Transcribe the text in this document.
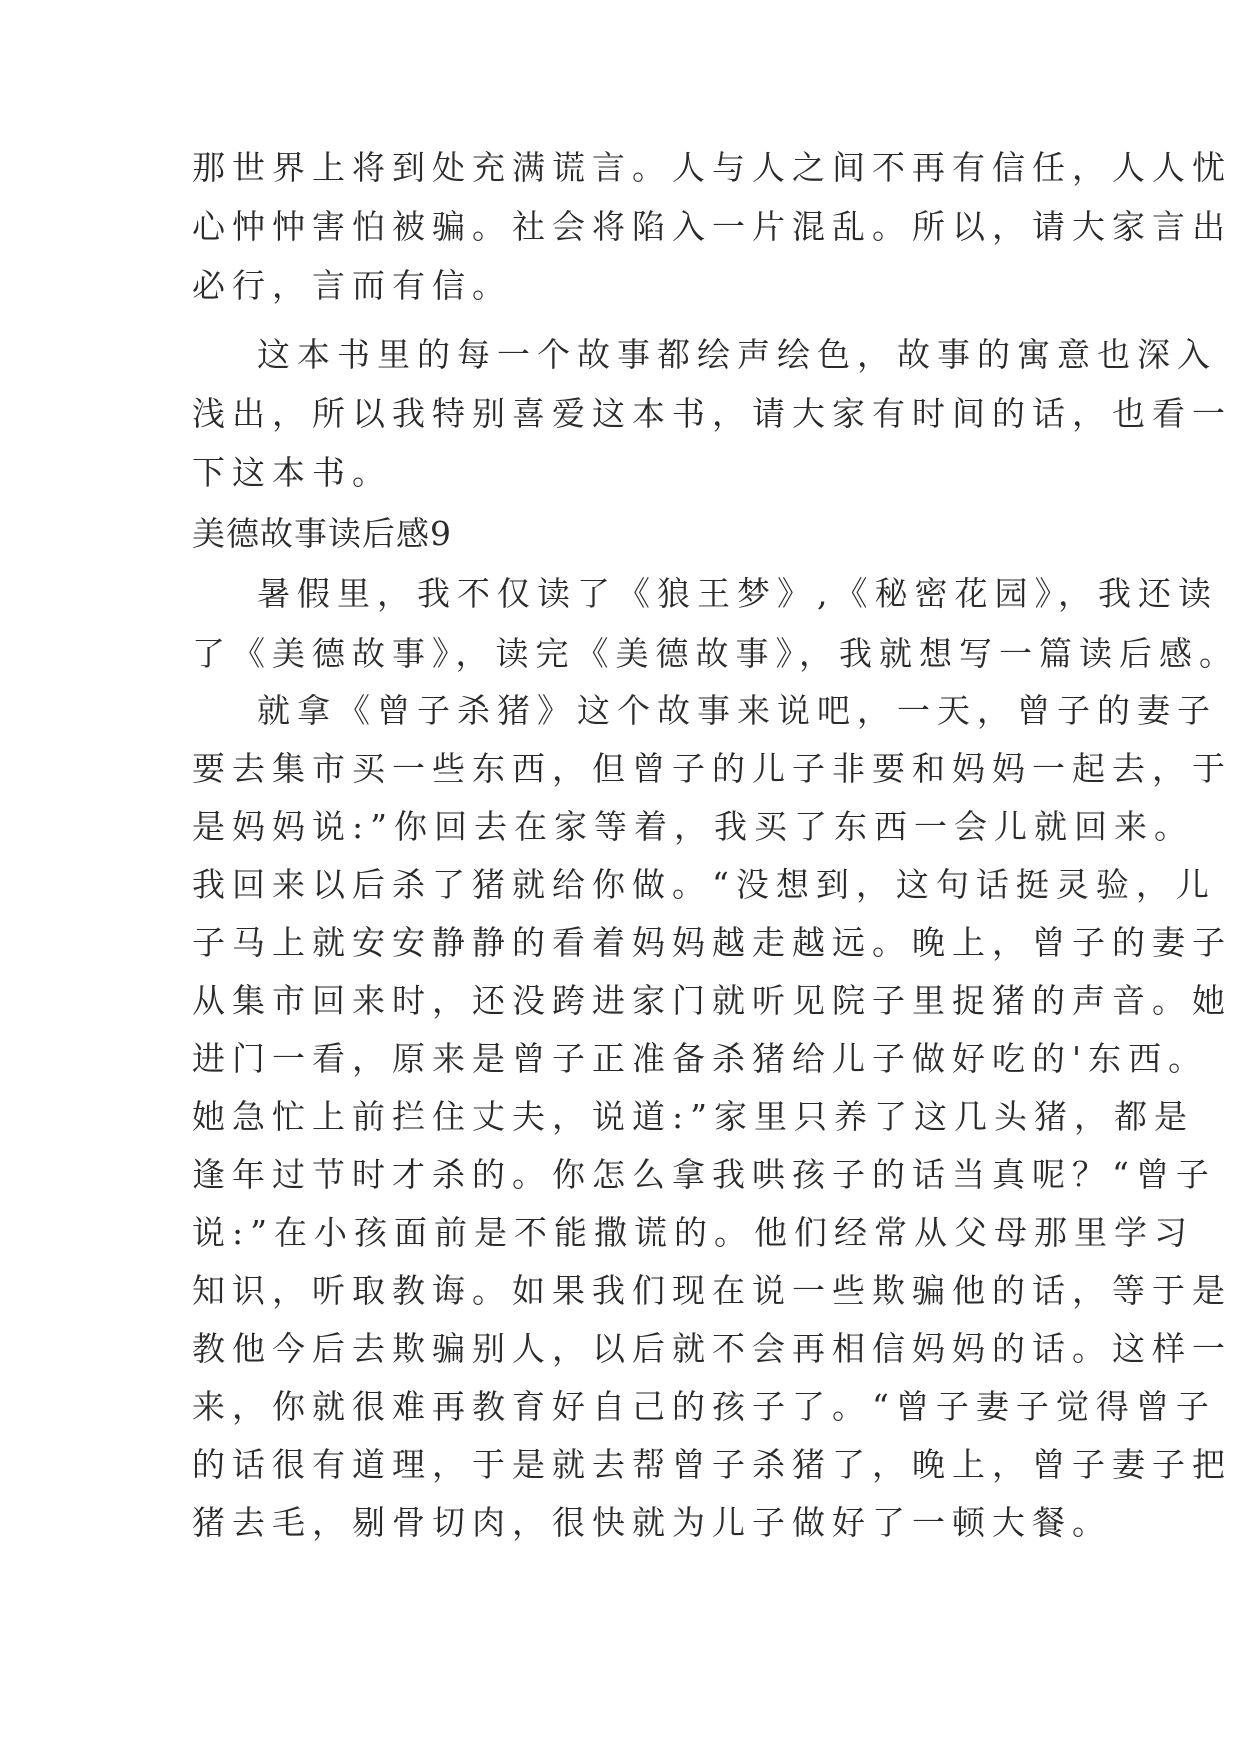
那世界上将到处充满谎言。人与人之间不再有信任，人人忧
心忡忡害怕被骗。社会将陷入一片混乱。所以，请大家言出
必行，言而有信。
这本书里的每一个故事都绘声绘色，故事的寓意也深入
浅出，所以我特别喜爱这本书，请大家有时间的话，也看一
下这本书。
美德故事读后感9
暑假里，我不仅读了《狼王梦》,《秘密花园》，我还读
了《美德故事》，读完《美德故事》，我就想写一篇读后感。
就拿《曾子杀猪》这个故事来说吧，一天，曾子的妻子
要去集市买一些东西，但曾子的儿子非要和妈妈一起去，于
是妈妈说:”你回去在家等着，我买了东西一会儿就回来。
我回来以后杀了猪就给你做。“没想到，这句话挺灵验，儿
子马上就安安静静的看着妈妈越走越远。晚上，曾子的妻子
从集市回来时，还没跨进家门就听见院子里捉猪的声音。她
进门一看，原来是曾子正准备杀猪给儿子做好吃的'东西。
她急忙上前拦住丈夫，说道:”家里只养了这几头猪，都是
逢年过节时才杀的。你怎么拿我哄孩子的话当真呢？“曾子
说:”在小孩面前是不能撒谎的。他们经常从父母那里学习
知识，听取教诲。如果我们现在说一些欺骗他的话，等于是
教他今后去欺骗别人，以后就不会再相信妈妈的话。这样一
来，你就很难再教育好自己的孩子了。“曾子妻子觉得曾子
的话很有道理，于是就去帮曾子杀猪了，晚上，曾子妻子把
猪去毛，剔骨切肉，很快就为儿子做好了一顿大餐。
